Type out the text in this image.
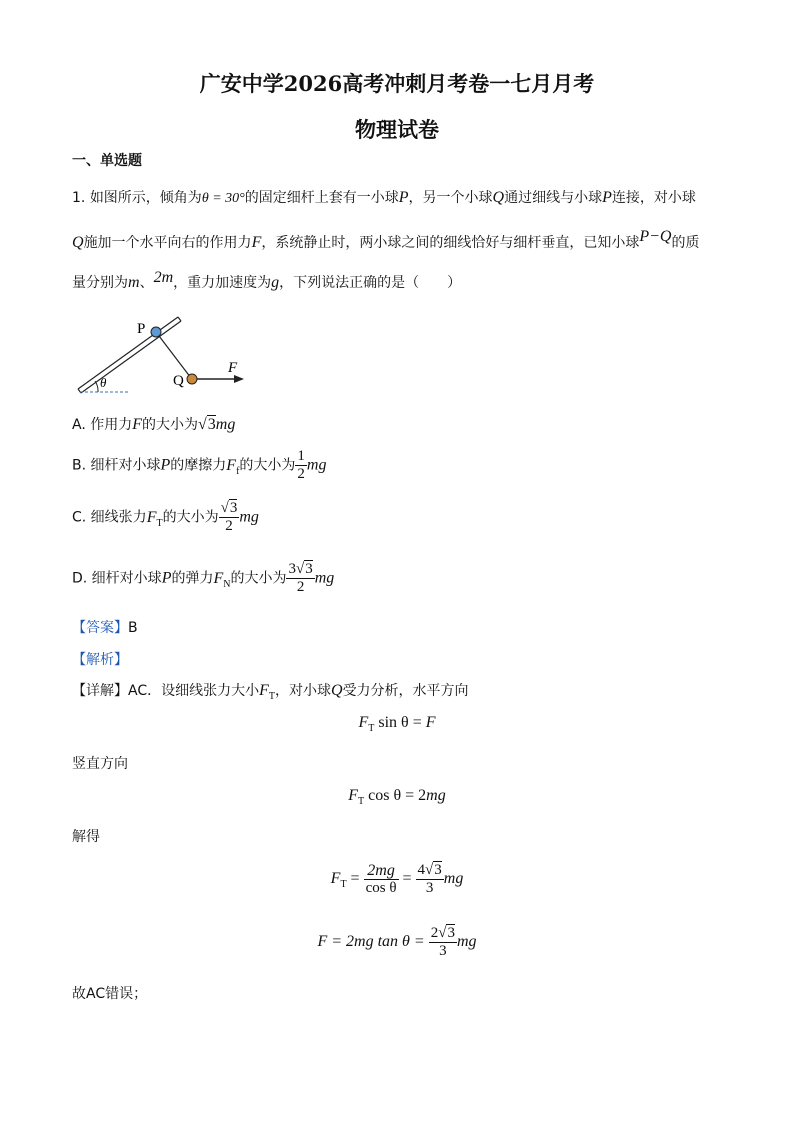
广安中学2026高考冲刺月考卷一七月月考
物理试卷
一、单选题
1. 如图所示，倾角为θ = 30°的固定细杆上套有一小球P，另一个小球Q通过细线与小球P连接，对小球
Q施加一个水平向右的作用力F，系统静止时，两小球之间的细线恰好与细杆垂直，已知小球P−Q的质
量分别为m、2m，重力加速度为g，下列说法正确的是（　　）
θ
P
Q
F
A. 作用力F的大小为√3mg
B. 细杆对小球P的摩擦力$F_f$的大小为 $\frac{1}{2}$ mg
C. 细线张力$F_T$的大小为 $\frac{√3}{2}$ mg
D. 细杆对小球P的弹力$F_N$的大小为 $\frac{3√3}{2}$ mg
【答案】B
【解析】
【详解】AC．设细线张力大小$F_T$，对小球Q受力分析，水平方向
$F_T$ sin θ = F
竖直方向
$F_T$ cos θ = 2mg
解得
$F_T = \frac{2mg}{\text{cos θ}} = \frac{4√3}{3}$ mg
F = 2mg $\tan \theta = \frac{2√3}{3}$ mg
故AC错误；
